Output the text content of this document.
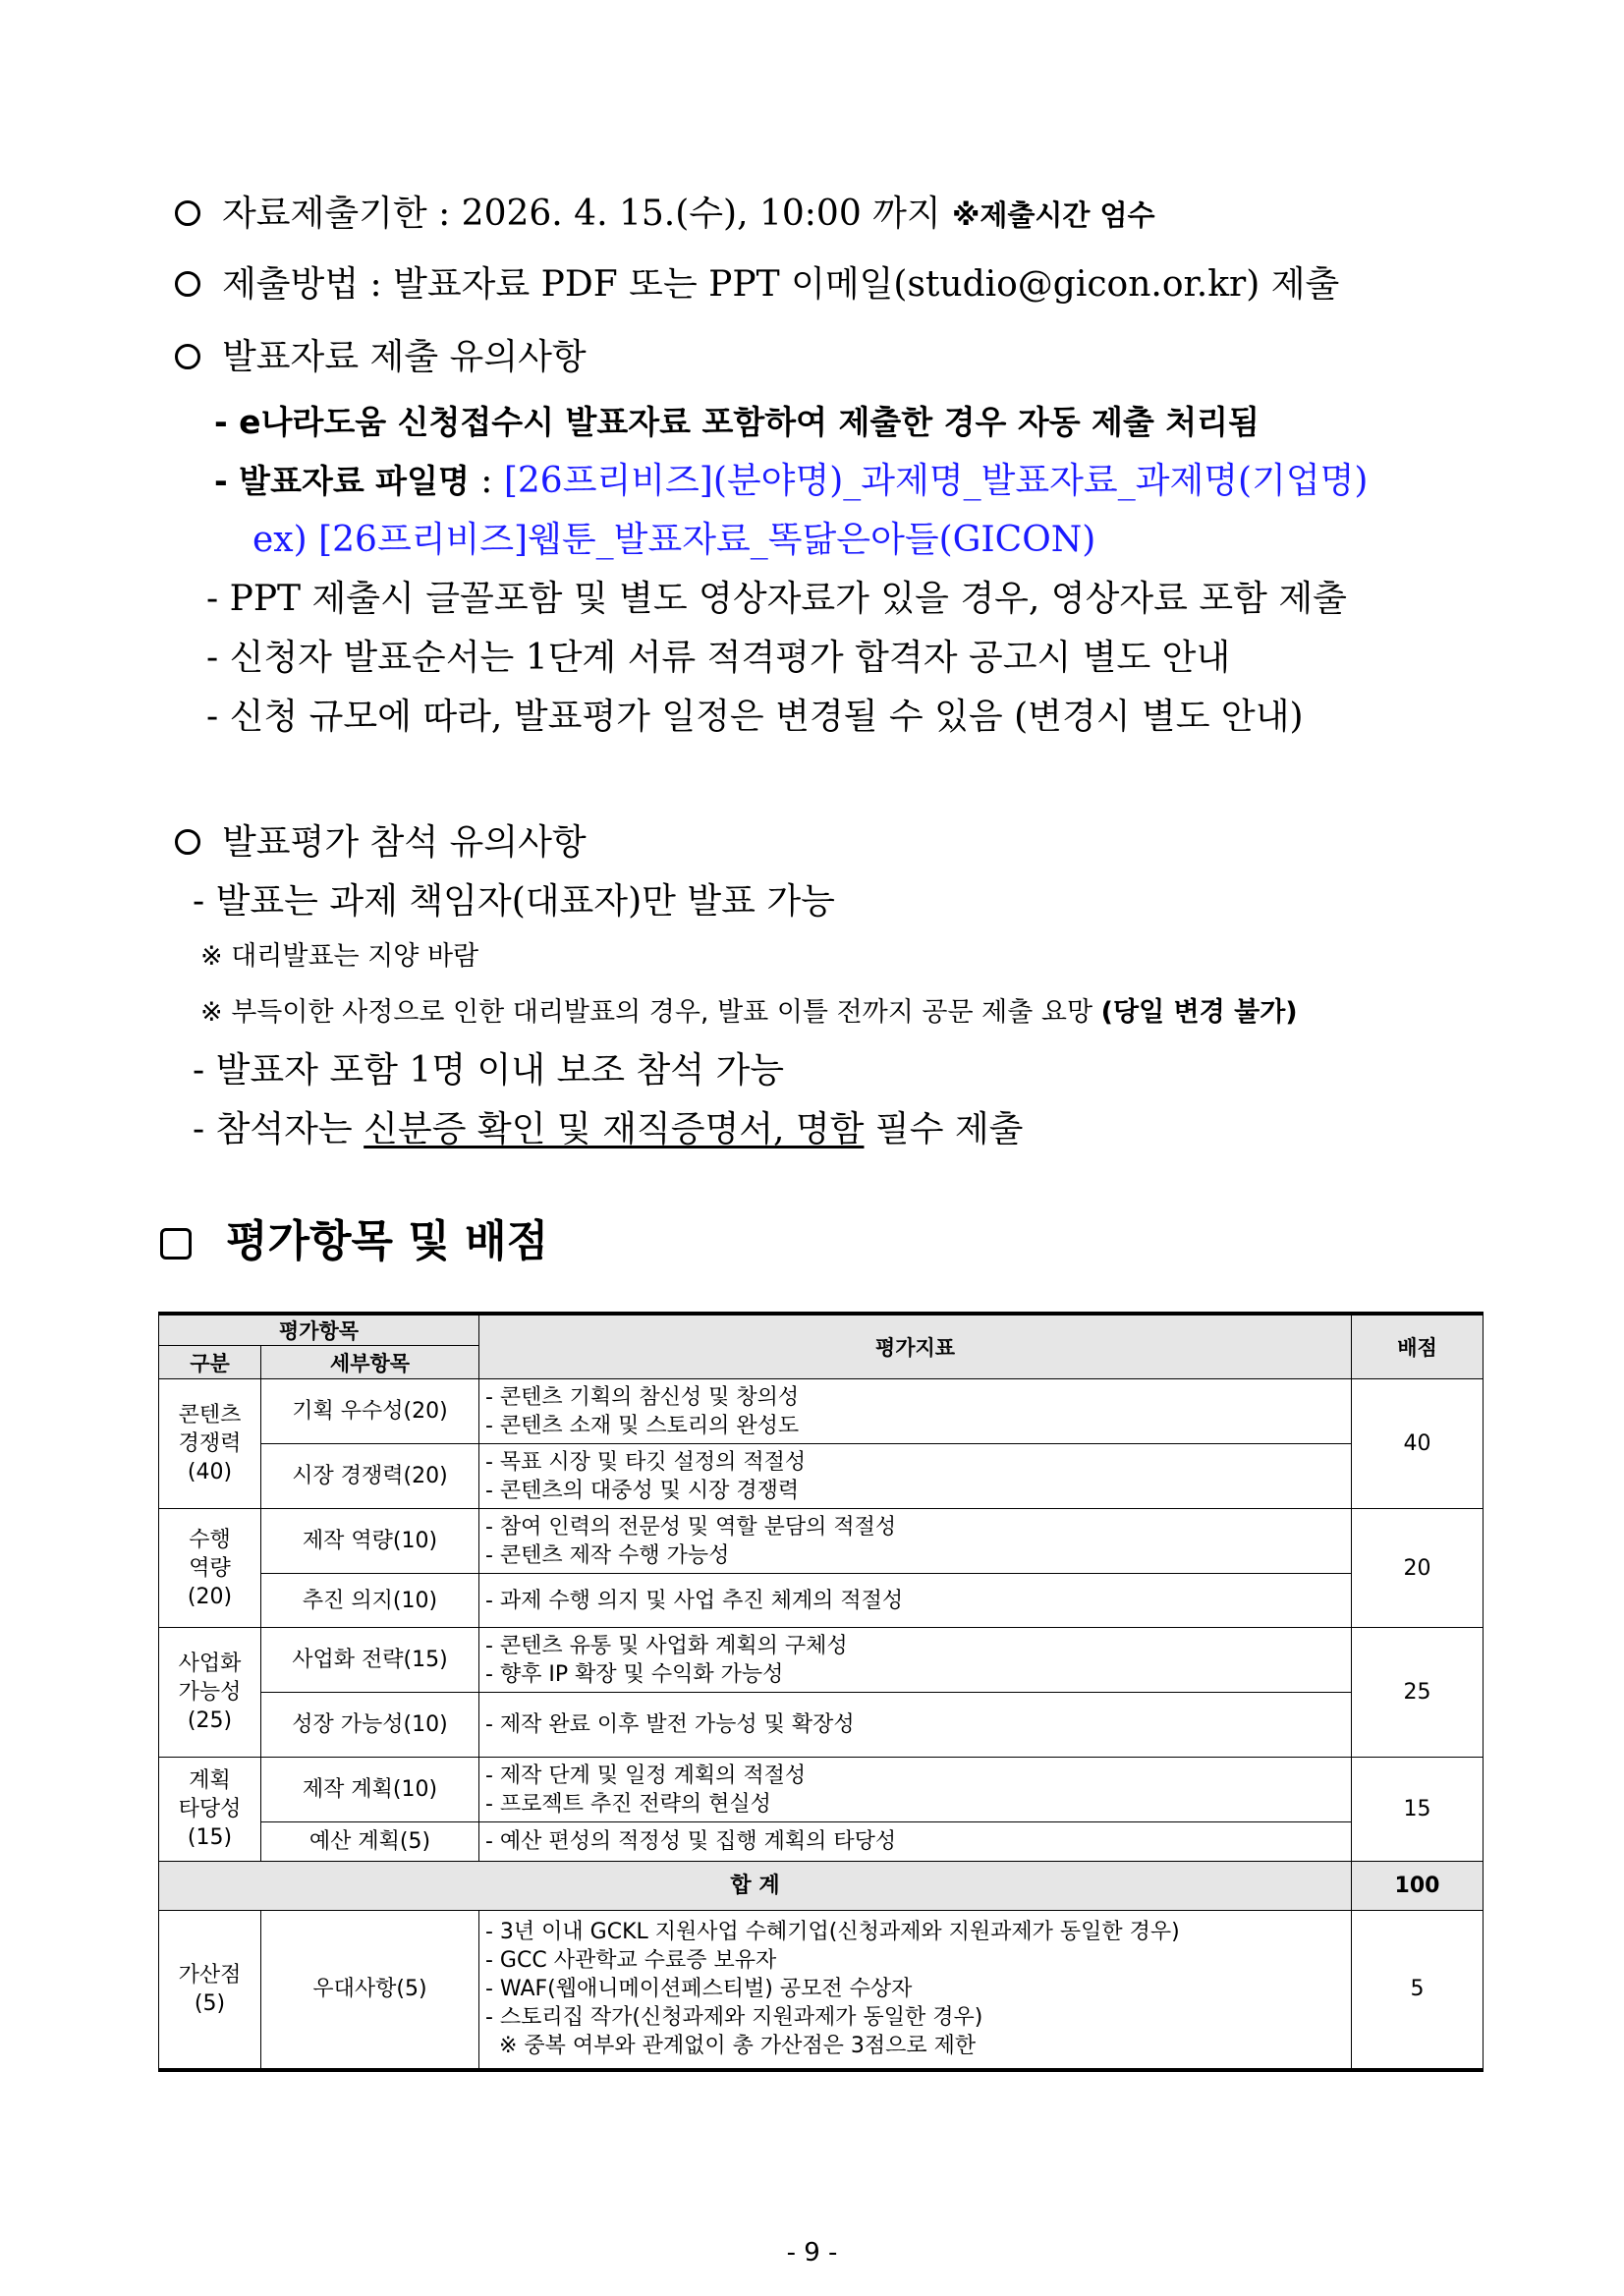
자료제출기한 : 2026. 4. 15.(수), 10:00 까지 ※제출시간 엄수
제출방법 : 발표자료 PDF 또는 PPT 이메일(studio@gicon.or.kr) 제출
발표자료 제출 유의사항
- e나라도움 신청접수시 발표자료 포함하여 제출한 경우 자동 제출 처리됨
- 발표자료 파일명 : [26프리비즈](분야명)_과제명_발표자료_과제명(기업명)
ex) [26프리비즈]웹툰_발표자료_똑닮은아들(GICON)
- PPT 제출시 글꼴포함 및 별도 영상자료가 있을 경우, 영상자료 포함 제출
- 신청자 발표순서는 1단계 서류 적격평가 합격자 공고시 별도 안내
- 신청 규모에 따라, 발표평가 일정은 변경될 수 있음 (변경시 별도 안내)
발표평가 참석 유의사항
- 발표는 과제 책임자(대표자)만 발표 가능
※ 대리발표는 지양 바람
※ 부득이한 사정으로 인한 대리발표의 경우, 발표 이틀 전까지 공문 제출 요망 (당일 변경 불가)
- 발표자 포함 1명 이내 보조 참석 가능
- 참석자는 신분증 확인 및 재직증명서, 명함 필수 제출
평가항목 및 배점
평가항목		평가지표	배점
구분	세부항목		

콘텐츠
경쟁력
(40)	기획 우수성(20)	- 콘텐츠 기획의 참신성 및 창의성
- 콘텐츠 소재 및 스토리의 완성도	40
	시장 경쟁력(20)	- 목표 시장 및 타깃 설정의 적절성
- 콘텐츠의 대중성 및 시장 경쟁력	

수행
역량
(20)	제작 역량(10)	- 참여 인력의 전문성 및 역할 분담의 적절성
- 콘텐츠 제작 수행 가능성	20
	추진 의지(10)	- 과제 수행 의지 및 사업 추진 체계의 적절성	

사업화
가능성
(25)	사업화 전략(15)	- 콘텐츠 유통 및 사업화 계획의 구체성
- 향후 IP 확장 및 수익화 가능성	25
	성장 가능성(10)	- 제작 완료 이후 발전 가능성 및 확장성	

계획
타당성
(15)	제작 계획(10)	- 제작 단계 및 일정 계획의 적절성
- 프로젝트 추진 전략의 현실성	15
	예산 계획(5)	- 예산 편성의 적정성 및 집행 계획의 타당성	

합 계			100

가산점
(5)	우대사항(5)	- 3년 이내 GCKL 지원사업 수혜기업(신청과제와 지원과제가 동일한 경우)
- GCC 사관학교 수료증 보유자
- WAF(웹애니메이션페스티벌) 공모전 수상자
- 스토리집 작가(신청과제와 지원과제가 동일한 경우)
※ 중복 여부와 관계없이 총 가산점은 3점으로 제한	5
- 9 -
